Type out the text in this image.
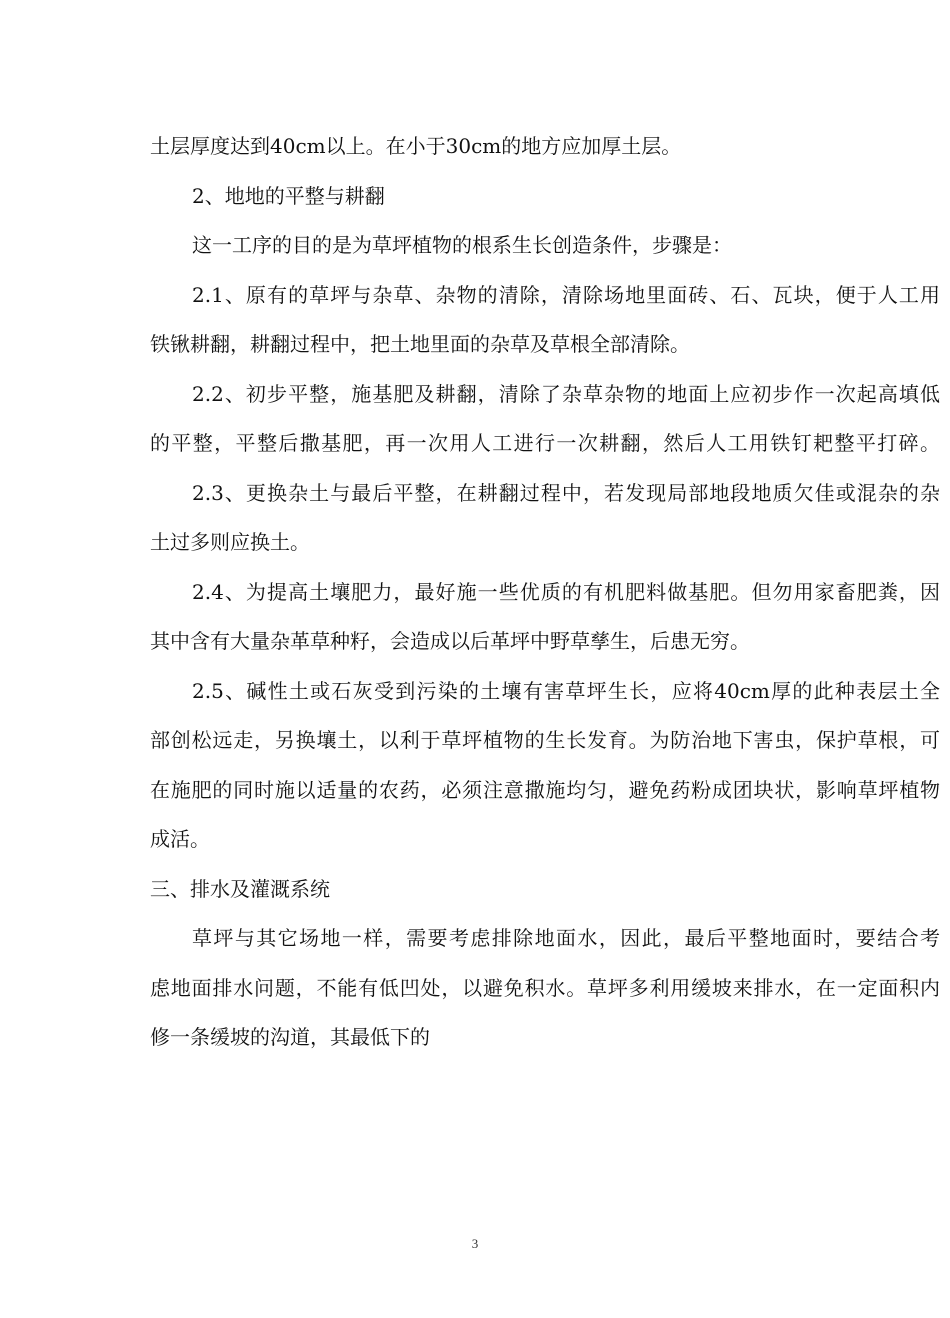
土层厚度达到40cm以上。在小于30cm的地方应加厚土层。
2、地地的平整与耕翻
这一工序的目的是为草坪植物的根系生长创造条件，步骤是：
2.1、原有的草坪与杂草、杂物的清除，清除场地里面砖、石、瓦块，便于人工用
铁锹耕翻，耕翻过程中，把土地里面的杂草及草根全部清除。
2.2、初步平整，施基肥及耕翻，清除了杂草杂物的地面上应初步作一次起高填低
的平整，平整后撒基肥，再一次用人工进行一次耕翻，然后人工用铁钉耙整平打碎。
2.3、更换杂土与最后平整，在耕翻过程中，若发现局部地段地质欠佳或混杂的杂
土过多则应换土。
2.4、为提高土壤肥力，最好施一些优质的有机肥料做基肥。但勿用家畜肥粪，因
其中含有大量杂革草种籽，会造成以后革坪中野草孳生，后患无穷。
2.5、碱性土或石灰受到污染的土壤有害草坪生长，应将40cm厚的此种表层土全
部创松远走，另换壤土，以利于草坪植物的生长发育。为防治地下害虫，保护草根，可
在施肥的同时施以适量的农药，必须注意撒施均匀，避免药粉成团块状，影响草坪植物
成活。
三、排水及灌溉系统
草坪与其它场地一样，需要考虑排除地面水，因此，最后平整地面时，要结合考
虑地面排水问题，不能有低凹处，以避免积水。草坪多利用缓坡来排水，在一定面积内
修一条缓坡的沟道，其最低下的
3
